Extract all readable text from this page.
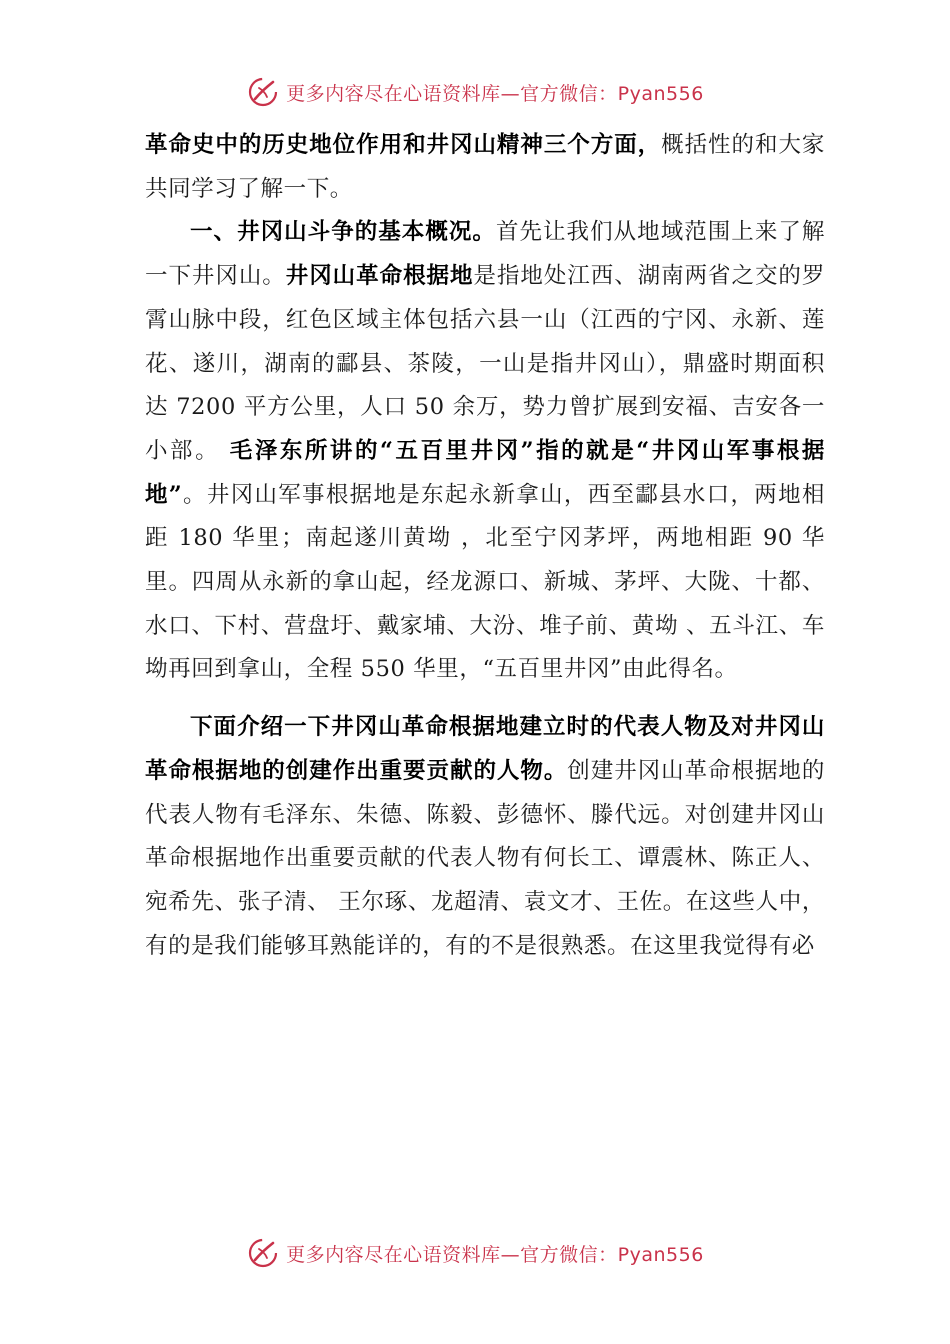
更多内容尽在心语资料库—官方微信：Pyan556

革命史中的历史地位作用和井冈山精神三个方面，概括性的和大家共同学习了解一下。

一、井冈山斗争的基本概况。首先让我们从地域范围上来了解一下井冈山。井冈山革命根据地是指地处江西、湖南两省之交的罗霄山脉中段，红色区域主体包括六县一山（江西的宁冈、永新、莲花、遂川，湖南的酃县、茶陵，一山是指井冈山），鼎盛时期面积达 7200 平方公里，人口 50 余万，势力曾扩展到安福、吉安各一小部。 毛泽东所讲的“五百里井冈”指的就是“井冈山军事根据地”。井冈山军事根据地是东起永新拿山，西至酃县水口，两地相距 180 华里；南起遂川黄坳 ，北至宁冈茅坪，两地相距 90 华里。四周从永新的拿山起，经龙源口、新城、茅坪、大陇、十都、水口、下村、营盘圩、戴家埔、大汾、堆子前、黄坳 、五斗江、车坳再回到拿山，全程 550 华里，“五百里井冈”由此得名。

下面介绍一下井冈山革命根据地建立时的代表人物及对井冈山革命根据地的创建作出重要贡献的人物。创建井冈山革命根据地的代表人物有毛泽东、朱德、陈毅、彭德怀、滕代远。对创建井冈山革命根据地作出重要贡献的代表人物有何长工、谭震林、陈正人、宛希先、张子清、 王尔琢、龙超清、袁文才、王佐。在这些人中，有的是我们能够耳熟能详的，有的不是很熟悉。在这里我觉得有必

更多内容尽在心语资料库—官方微信：Pyan556
